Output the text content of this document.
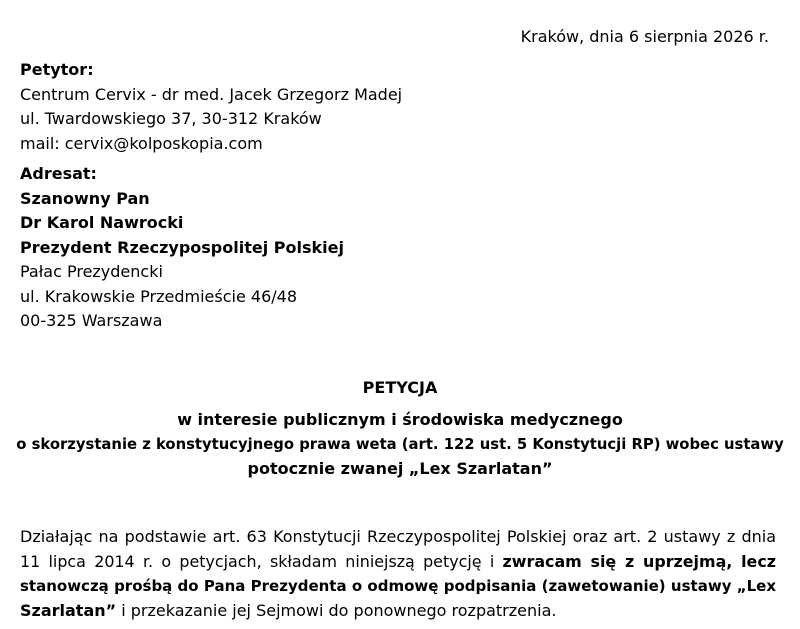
Kraków, dnia 6 sierpnia 2026 r.
Petytor:
Centrum Cervix - dr med. Jacek Grzegorz Madej
ul. Twardowskiego 37, 30-312 Kraków
mail: cervix@kolposkopia.com
Adresat:
Szanowny Pan
Dr Karol Nawrocki
Prezydent Rzeczypospolitej Polskiej
Pałac Prezydencki
ul. Krakowskie Przedmieście 46/48
00-325 Warszawa
PETYCJA
w interesie publicznym i środowiska medycznego
o skorzystanie z konstytucyjnego prawa weta (art. 122 ust. 5 Konstytucji RP) wobec ustawy
potocznie zwanej „Lex Szarlatan”
Działając na podstawie art. 63 Konstytucji Rzeczypospolitej Polskiej oraz art. 2 ustawy z dnia
11 lipca 2014 r. o petycjach, składam niniejszą petycję i zwracam się z uprzejmą, lecz
stanowczą prośbą do Pana Prezydenta o odmowę podpisania (zawetowanie) ustawy „Lex
Szarlatan” i przekazanie jej Sejmowi do ponownego rozpatrzenia.
